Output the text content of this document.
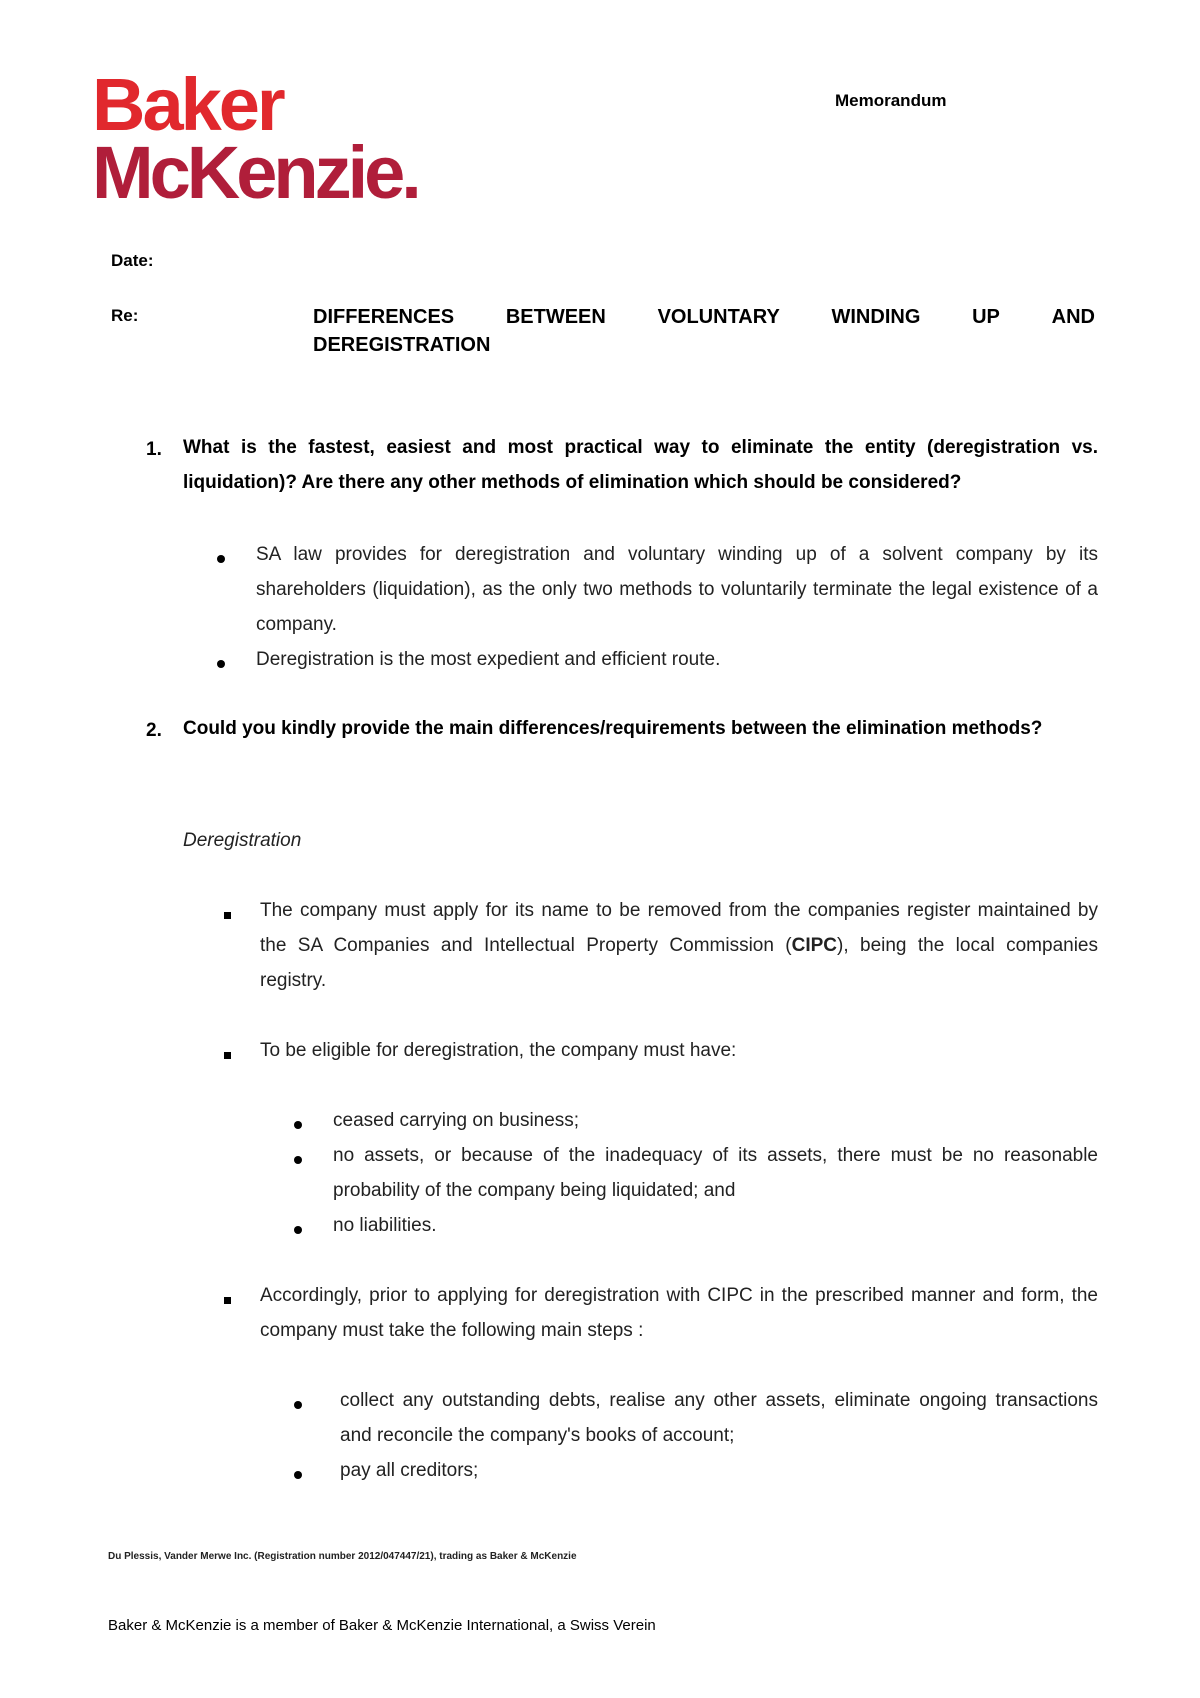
Baker
McKenzie.
Memorandum
Date:
Re:	DIFFERENCES	BETWEEN	VOLUNTARY	WINDING	UP	AND
DEREGISTRATION
1. What is the fastest, easiest and most practical way to eliminate the entity (deregistration vs. liquidation)? Are there any other methods of elimination which should be considered?
SA law provides for deregistration and voluntary winding up of a solvent company by its shareholders (liquidation), as the only two methods to voluntarily terminate the legal existence of a company.
Deregistration is the most expedient and efficient route.
2. Could you kindly provide the main differences/requirements between the elimination methods?
Deregistration
The company must apply for its name to be removed from the companies register maintained by the SA Companies and Intellectual Property Commission (CIPC), being the local companies registry.
To be eligible for deregistration, the company must have:
ceased carrying on business;
no assets, or because of the inadequacy of its assets, there must be no reasonable probability of the company being liquidated; and
no liabilities.
Accordingly, prior to applying for deregistration with CIPC in the prescribed manner and form, the company must take the following main steps :
collect any outstanding debts, realise any other assets, eliminate ongoing transactions and reconcile the company's books of account;
pay all creditors;
Du Plessis, Vander Merwe Inc. (Registration number 2012/047447/21), trading as Baker & McKenzie
Baker & McKenzie is a member of Baker & McKenzie International, a Swiss Verein
